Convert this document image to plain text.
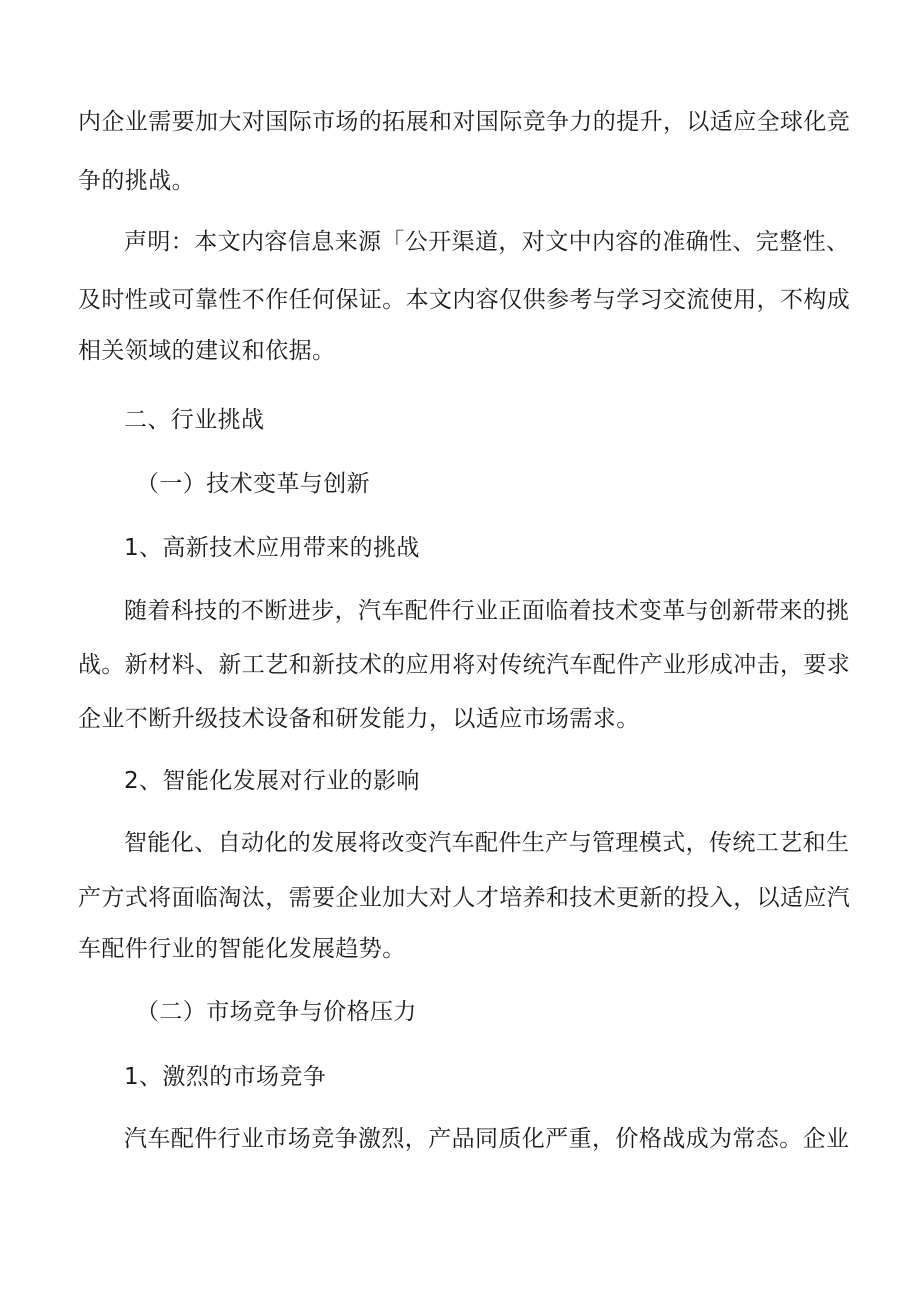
内企业需要加大对国际市场的拓展和对国际竞争力的提升，以适应全球化竞

争的挑战。

声明：本文内容信息来源「公开渠道，对文中内容的准确性、完整性、

及时性或可靠性不作任何保证。本文内容仅供参考与学习交流使用，不构成

相关领域的建议和依据。

二、行业挑战

（一）技术变革与创新

1、高新技术应用带来的挑战

随着科技的不断进步，汽车配件行业正面临着技术变革与创新带来的挑

战。新材料、新工艺和新技术的应用将对传统汽车配件产业形成冲击，要求

企业不断升级技术设备和研发能力，以适应市场需求。

2、智能化发展对行业的影响

智能化、自动化的发展将改变汽车配件生产与管理模式，传统工艺和生

产方式将面临淘汰，需要企业加大对人才培养和技术更新的投入，以适应汽

车配件行业的智能化发展趋势。

（二）市场竞争与价格压力

1、激烈的市场竞争

汽车配件行业市场竞争激烈，产品同质化严重，价格战成为常态。企业
